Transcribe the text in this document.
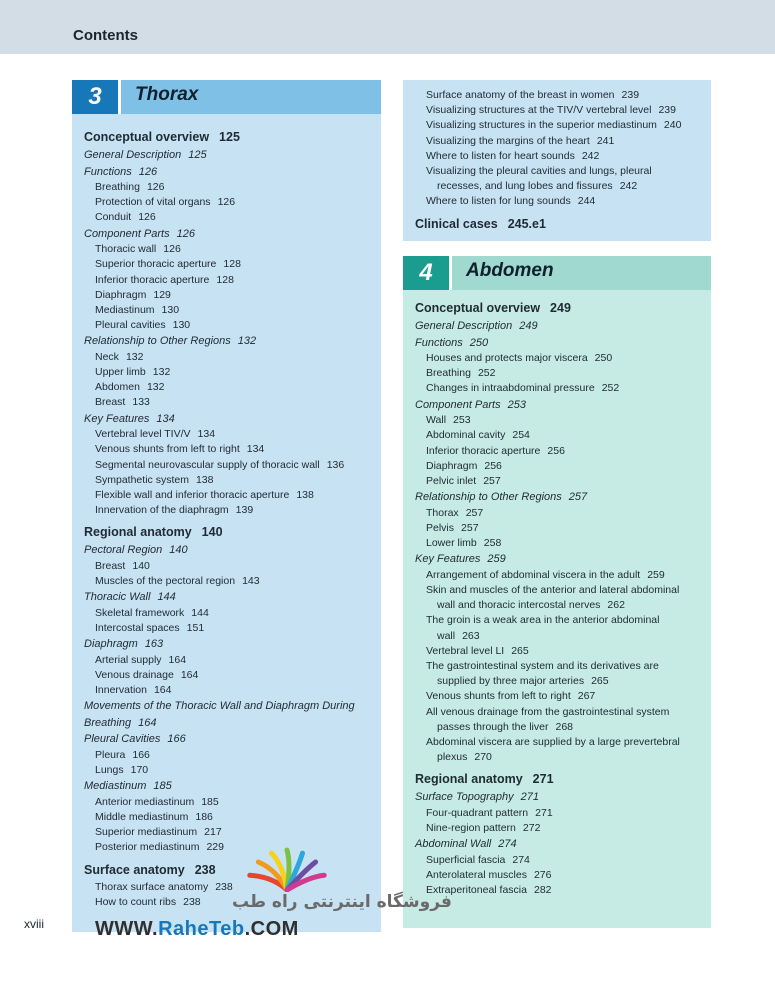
Contents
3	Thorax
Conceptual overview 125
General Description 125
Functions 126
Breathing 126
Protection of vital organs 126
Conduit 126
Component Parts 126
Thoracic wall 126
Superior thoracic aperture 128
Inferior thoracic aperture 128
Diaphragm 129
Mediastinum 130
Pleural cavities 130
Relationship to Other Regions 132
Neck 132
Upper limb 132
Abdomen 132
Breast 133
Key Features 134
Vertebral level TIV/V 134
Venous shunts from left to right 134
Segmental neurovascular supply of thoracic wall 136
Sympathetic system 138
Flexible wall and inferior thoracic aperture 138
Innervation of the diaphragm 139
Regional anatomy 140
Pectoral Region 140
Breast 140
Muscles of the pectoral region 143
Thoracic Wall 144
Skeletal framework 144
Intercostal spaces 151
Diaphragm 163
Arterial supply 164
Venous drainage 164
Innervation 164
Movements of the Thoracic Wall and Diaphragm During Breathing 164
Pleural Cavities 166
Pleura 166
Lungs 170
Mediastinum 185
Anterior mediastinum 185
Middle mediastinum 186
Superior mediastinum 217
Posterior mediastinum 229
Surface anatomy 238
Thorax surface anatomy 238
How to count ribs 238
Surface anatomy of the breast in women 239
Visualizing structures at the TIV/V vertebral level 239
Visualizing structures in the superior mediastinum 240
Visualizing the margins of the heart 241
Where to listen for heart sounds 242
Visualizing the pleural cavities and lungs, pleural
recesses, and lung lobes and fissures 242
Where to listen for lung sounds 244
Clinical cases 245.e1
4	Abdomen
Conceptual overview 249
General Description 249
Functions 250
Houses and protects major viscera 250
Breathing 252
Changes in intraabdominal pressure 252
Component Parts 253
Wall 253
Abdominal cavity 254
Inferior thoracic aperture 256
Diaphragm 256
Pelvic inlet 257
Relationship to Other Regions 257
Thorax 257
Pelvis 257
Lower limb 258
Key Features 259
Arrangement of abdominal viscera in the adult 259
Skin and muscles of the anterior and lateral abdominal
wall and thoracic intercostal nerves 262
The groin is a weak area in the anterior abdominal
wall 263
Vertebral level LI 265
The gastrointestinal system and its derivatives are
supplied by three major arteries 265
Venous shunts from left to right 267
All venous drainage from the gastrointestinal system
passes through the liver 268
Abdominal viscera are supplied by a large prevertebral
plexus 270
Regional anatomy 271
Surface Topography 271
Four-quadrant pattern 271
Nine-region pattern 272
Abdominal Wall 274
Superficial fascia 274
Anterolateral muscles 276
Extraperitoneal fascia 282
xviii
فروشگاه اینترنتی راه طب
WWW.RaheTeb.COM
